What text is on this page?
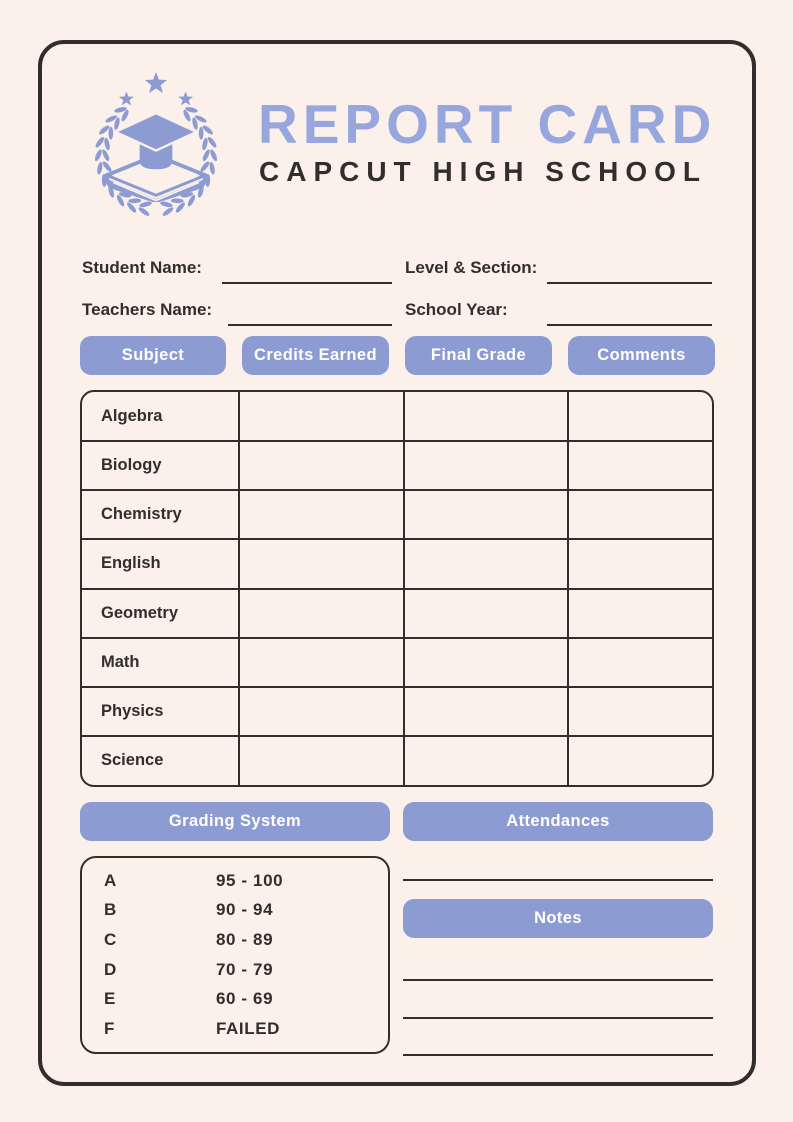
REPORT CARD
CAPCUT HIGH SCHOOL
Student Name:	Level & Section:
Teachers Name:	School Year:
Subject	Credits Earned	Final Grade	Comments
Algebra			
Biology			
Chemistry			
English			
Geometry			
Math			
Physics			
Science			
Grading System	Attendances
A	95 - 100
B	90 - 94
C	80 - 89
D	70 - 79
E	60 - 69
F	FAILED
Notes
